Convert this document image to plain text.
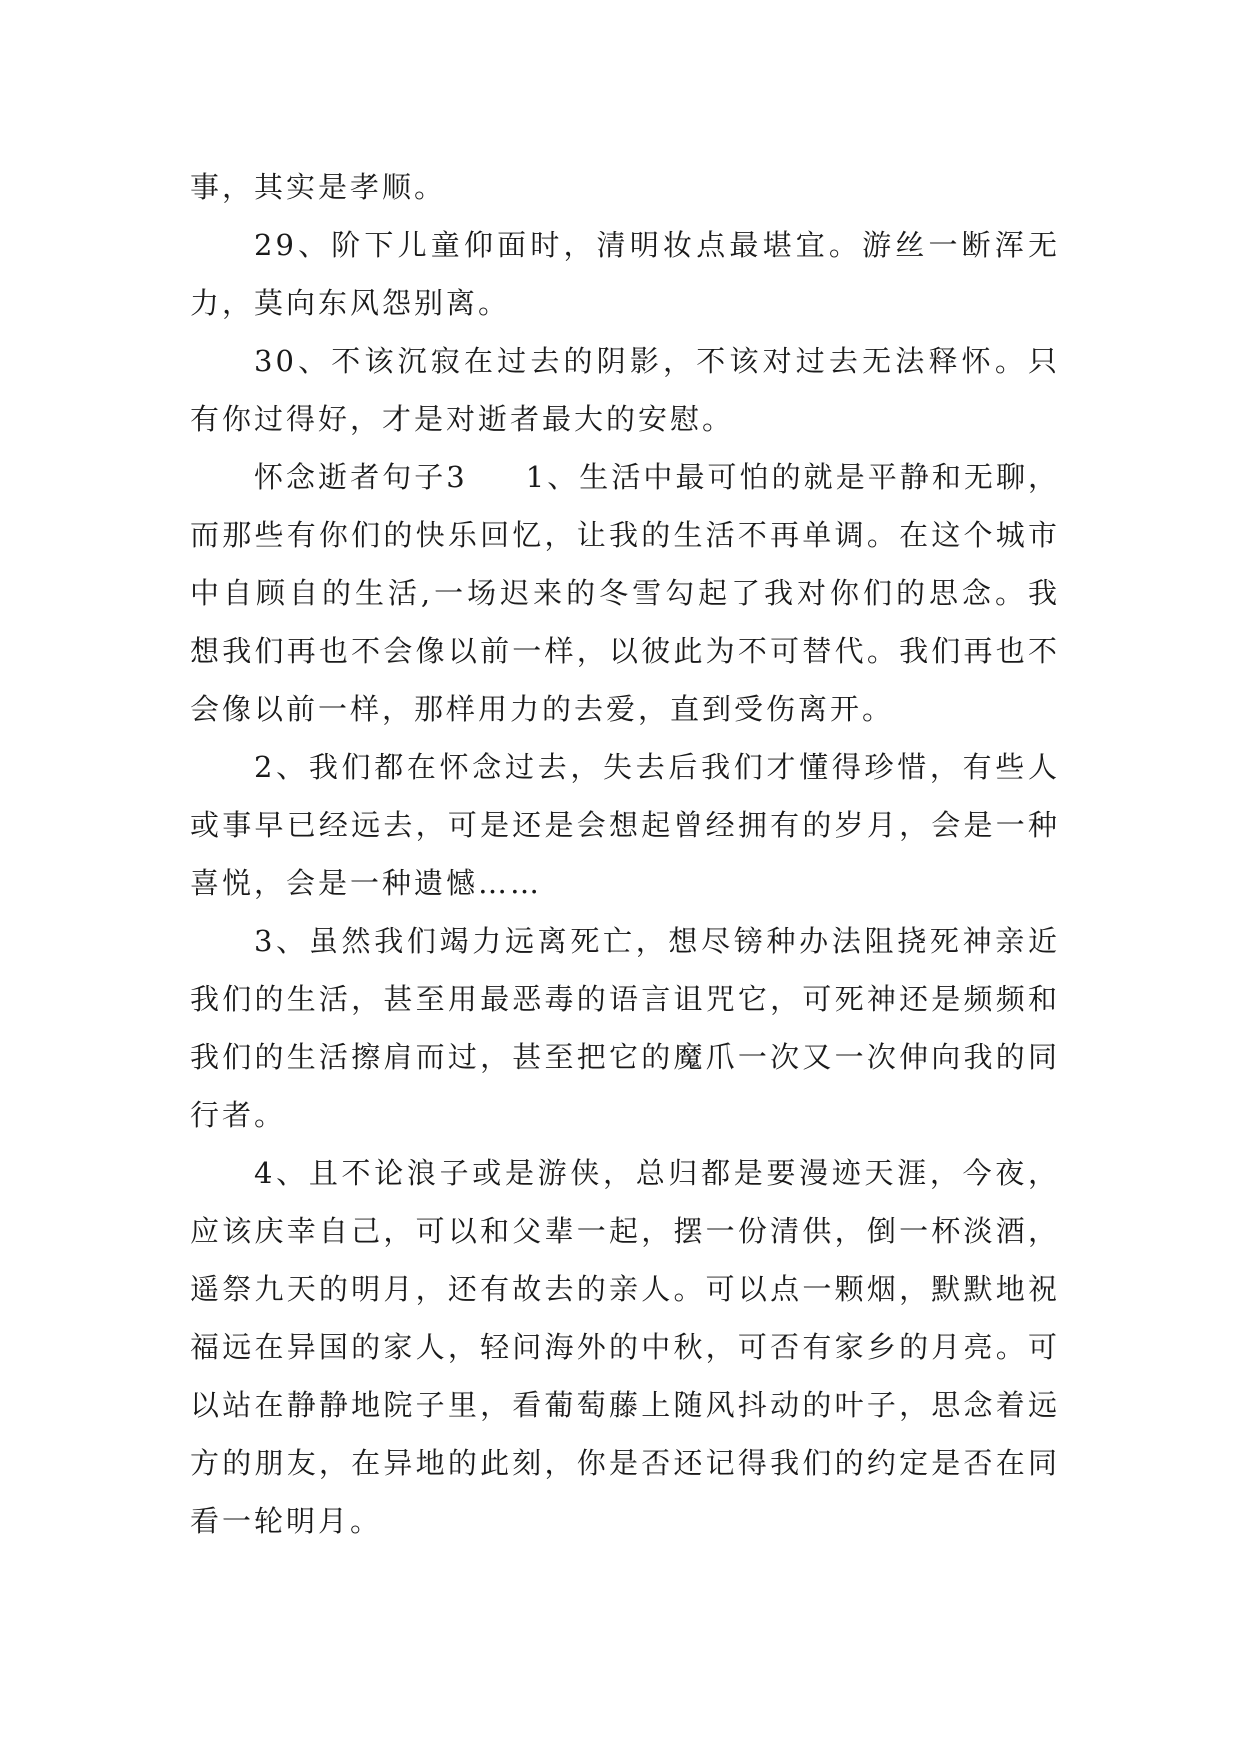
事，其实是孝顺。

29、阶下儿童仰面时，清明妆点最堪宜。游丝一断浑无力，莫向东风怨别离。

30、不该沉寂在过去的阴影，不该对过去无法释怀。只有你过得好，才是对逝者最大的安慰。

怀念逝者句子3 1、生活中最可怕的就是平静和无聊，而那些有你们的快乐回忆，让我的生活不再单调。在这个城市中自顾自的生活,一场迟来的冬雪勾起了我对你们的思念。我想我们再也不会像以前一样，以彼此为不可替代。我们再也不会像以前一样，那样用力的去爱，直到受伤离开。

2、我们都在怀念过去，失去后我们才懂得珍惜，有些人或事早已经远去，可是还是会想起曾经拥有的岁月，会是一种喜悦，会是一种遗憾……

3、虽然我们竭力远离死亡，想尽镑种办法阻挠死神亲近我们的生活，甚至用最恶毒的语言诅咒它，可死神还是频频和我们的生活擦肩而过，甚至把它的魔爪一次又一次伸向我的同行者。

4、且不论浪子或是游侠，总归都是要漫迹天涯，今夜，应该庆幸自己，可以和父辈一起，摆一份清供，倒一杯淡酒，遥祭九天的明月，还有故去的亲人。可以点一颗烟，默默地祝福远在异国的家人，轻问海外的中秋，可否有家乡的月亮。可以站在静静地院子里，看葡萄藤上随风抖动的叶子，思念着远方的朋友，在异地的此刻，你是否还记得我们的约定是否在同看一轮明月。
